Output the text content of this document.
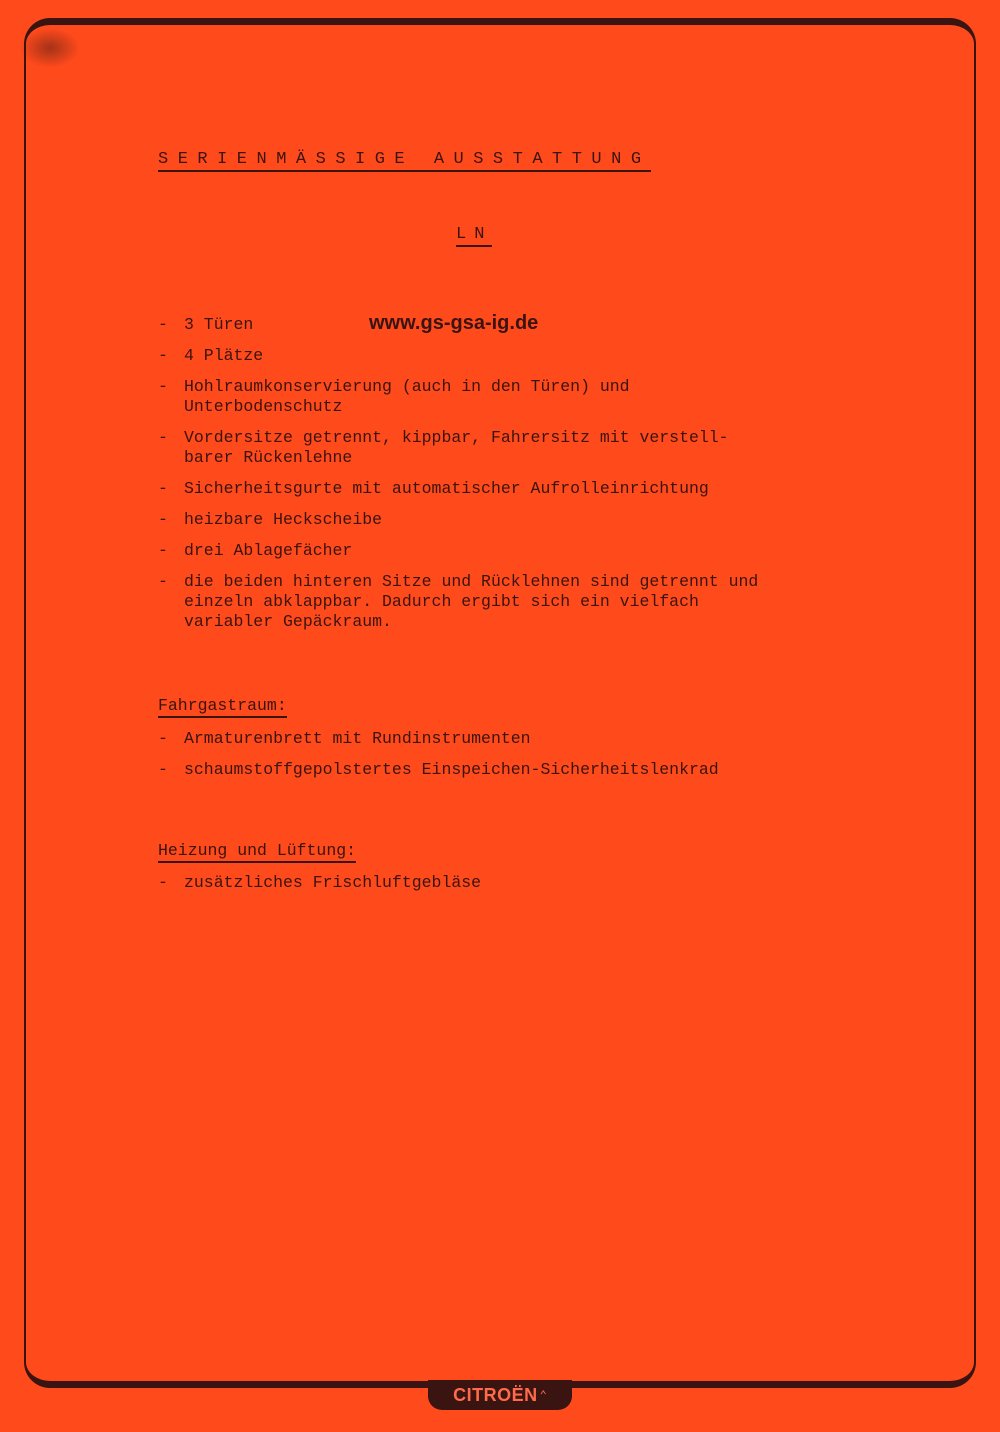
SERIENMÄSSIGE AUSSTATTUNG
LN
www.gs-gsa-ig.de
- 3 Türen
- 4 Plätze
- Hohlraumkonservierung (auch in den Türen) und
Unterbodenschutz
- Vordersitze getrennt, kippbar, Fahrersitz mit verstell-
barer Rückenlehne
- Sicherheitsgurte mit automatischer Aufrolleinrichtung
- heizbare Heckscheibe
- drei Ablagefächer
- die beiden hinteren Sitze und Rücklehnen sind getrennt und
einzeln abklappbar. Dadurch ergibt sich ein vielfach
variabler Gepäckraum.
Fahrgastraum:
- Armaturenbrett mit Rundinstrumenten
- schaumstoffgepolstertes Einspeichen-Sicherheitslenkrad
Heizung und Lüftung:
- zusätzliches Frischluftgebläse
CITROËN ⌃
